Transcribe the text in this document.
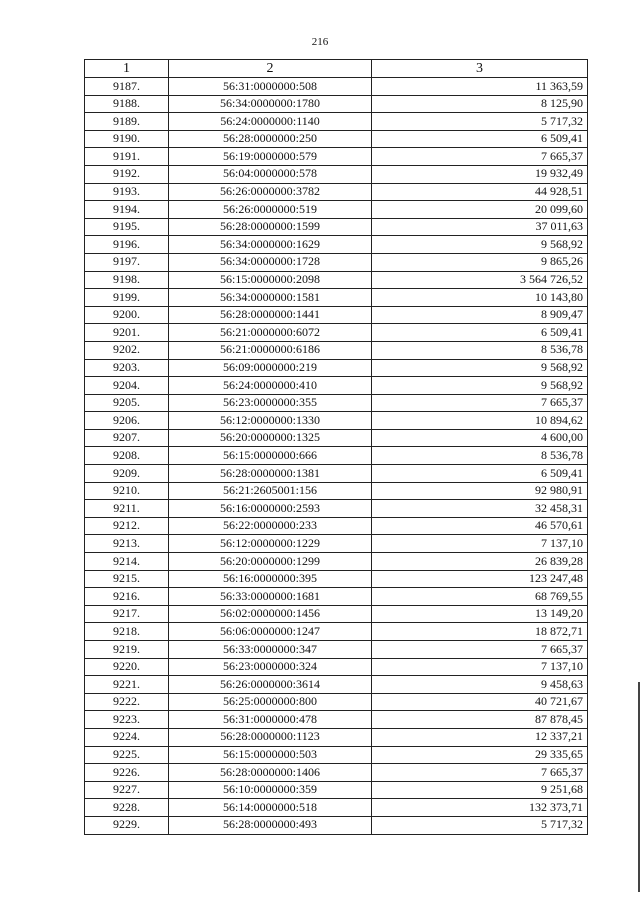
216
1	2	3
9187.	56:31:0000000:508	11 363,59
9188.	56:34:0000000:1780	8 125,90
9189.	56:24:0000000:1140	5 717,32
9190.	56:28:0000000:250	6 509,41
9191.	56:19:0000000:579	7 665,37
9192.	56:04:0000000:578	19 932,49
9193.	56:26:0000000:3782	44 928,51
9194.	56:26:0000000:519	20 099,60
9195.	56:28:0000000:1599	37 011,63
9196.	56:34:0000000:1629	9 568,92
9197.	56:34:0000000:1728	9 865,26
9198.	56:15:0000000:2098	3 564 726,52
9199.	56:34:0000000:1581	10 143,80
9200.	56:28:0000000:1441	8 909,47
9201.	56:21:0000000:6072	6 509,41
9202.	56:21:0000000:6186	8 536,78
9203.	56:09:0000000:219	9 568,92
9204.	56:24:0000000:410	9 568,92
9205.	56:23:0000000:355	7 665,37
9206.	56:12:0000000:1330	10 894,62
9207.	56:20:0000000:1325	4 600,00
9208.	56:15:0000000:666	8 536,78
9209.	56:28:0000000:1381	6 509,41
9210.	56:21:2605001:156	92 980,91
9211.	56:16:0000000:2593	32 458,31
9212.	56:22:0000000:233	46 570,61
9213.	56:12:0000000:1229	7 137,10
9214.	56:20:0000000:1299	26 839,28
9215.	56:16:0000000:395	123 247,48
9216.	56:33:0000000:1681	68 769,55
9217.	56:02:0000000:1456	13 149,20
9218.	56:06:0000000:1247	18 872,71
9219.	56:33:0000000:347	7 665,37
9220.	56:23:0000000:324	7 137,10
9221.	56:26:0000000:3614	9 458,63
9222.	56:25:0000000:800	40 721,67
9223.	56:31:0000000:478	87 878,45
9224.	56:28:0000000:1123	12 337,21
9225.	56:15:0000000:503	29 335,65
9226.	56:28:0000000:1406	7 665,37
9227.	56:10:0000000:359	9 251,68
9228.	56:14:0000000:518	132 373,71
9229.	56:28:0000000:493	5 717,32
